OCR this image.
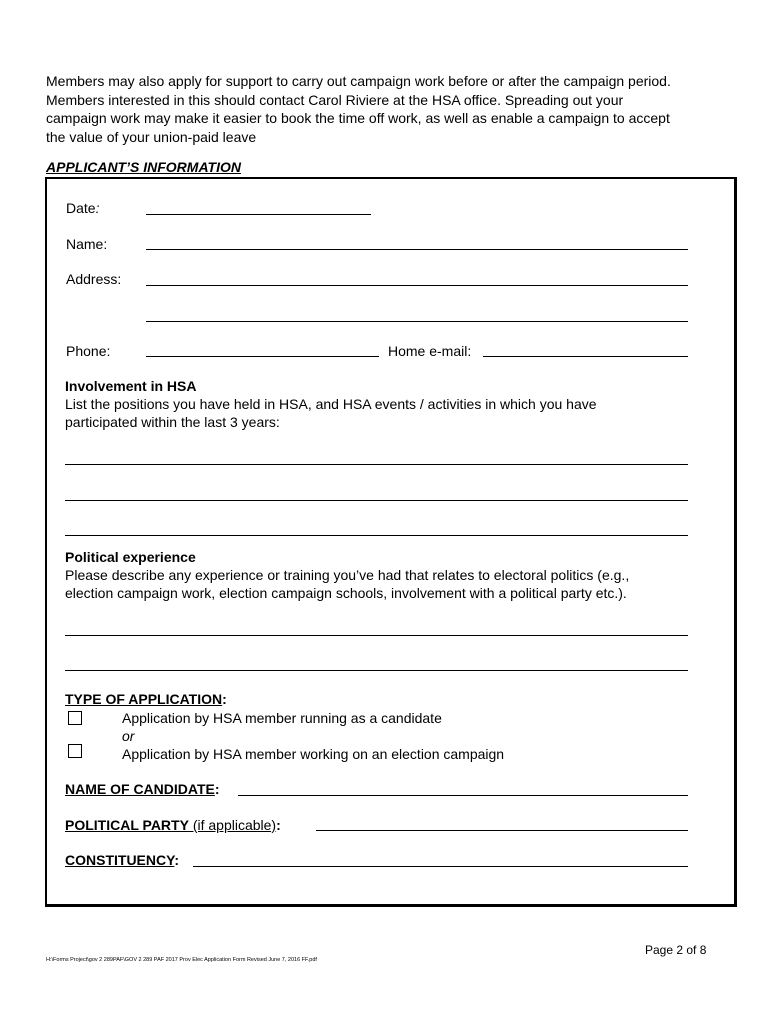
Members may also apply for support to carry out campaign work before or after the campaign period.

Members interested in this should contact Carol Riviere at the HSA office. Spreading out your

campaign work may make it easier to book the time off work, as well as enable a campaign to accept

the value of your union-paid leave

APPLICANT’S INFORMATION
Date:
Name:
Address:
Phone:	Home e-mail:
Involvement in HSA
List the positions you have held in HSA, and HSA events / activities in which you have
participated within the last 3 years:
Political experience
Please describe any experience or training you’ve had that relates to electoral politics (e.g.,
election campaign work, election campaign schools, involvement with a political party etc.).
TYPE OF APPLICATION:
Application by HSA member running as a candidate
or
Application by HSA member working on an election campaign
NAME OF CANDIDATE:
POLITICAL PARTY (if applicable):
CONSTITUENCY:
Page 2 of 8
H:\Forms Project\gov 2 289PAF\GOV 2 289 PAF 2017 Prov Elec Application Form Revised June 7, 2016 FF.pdf
